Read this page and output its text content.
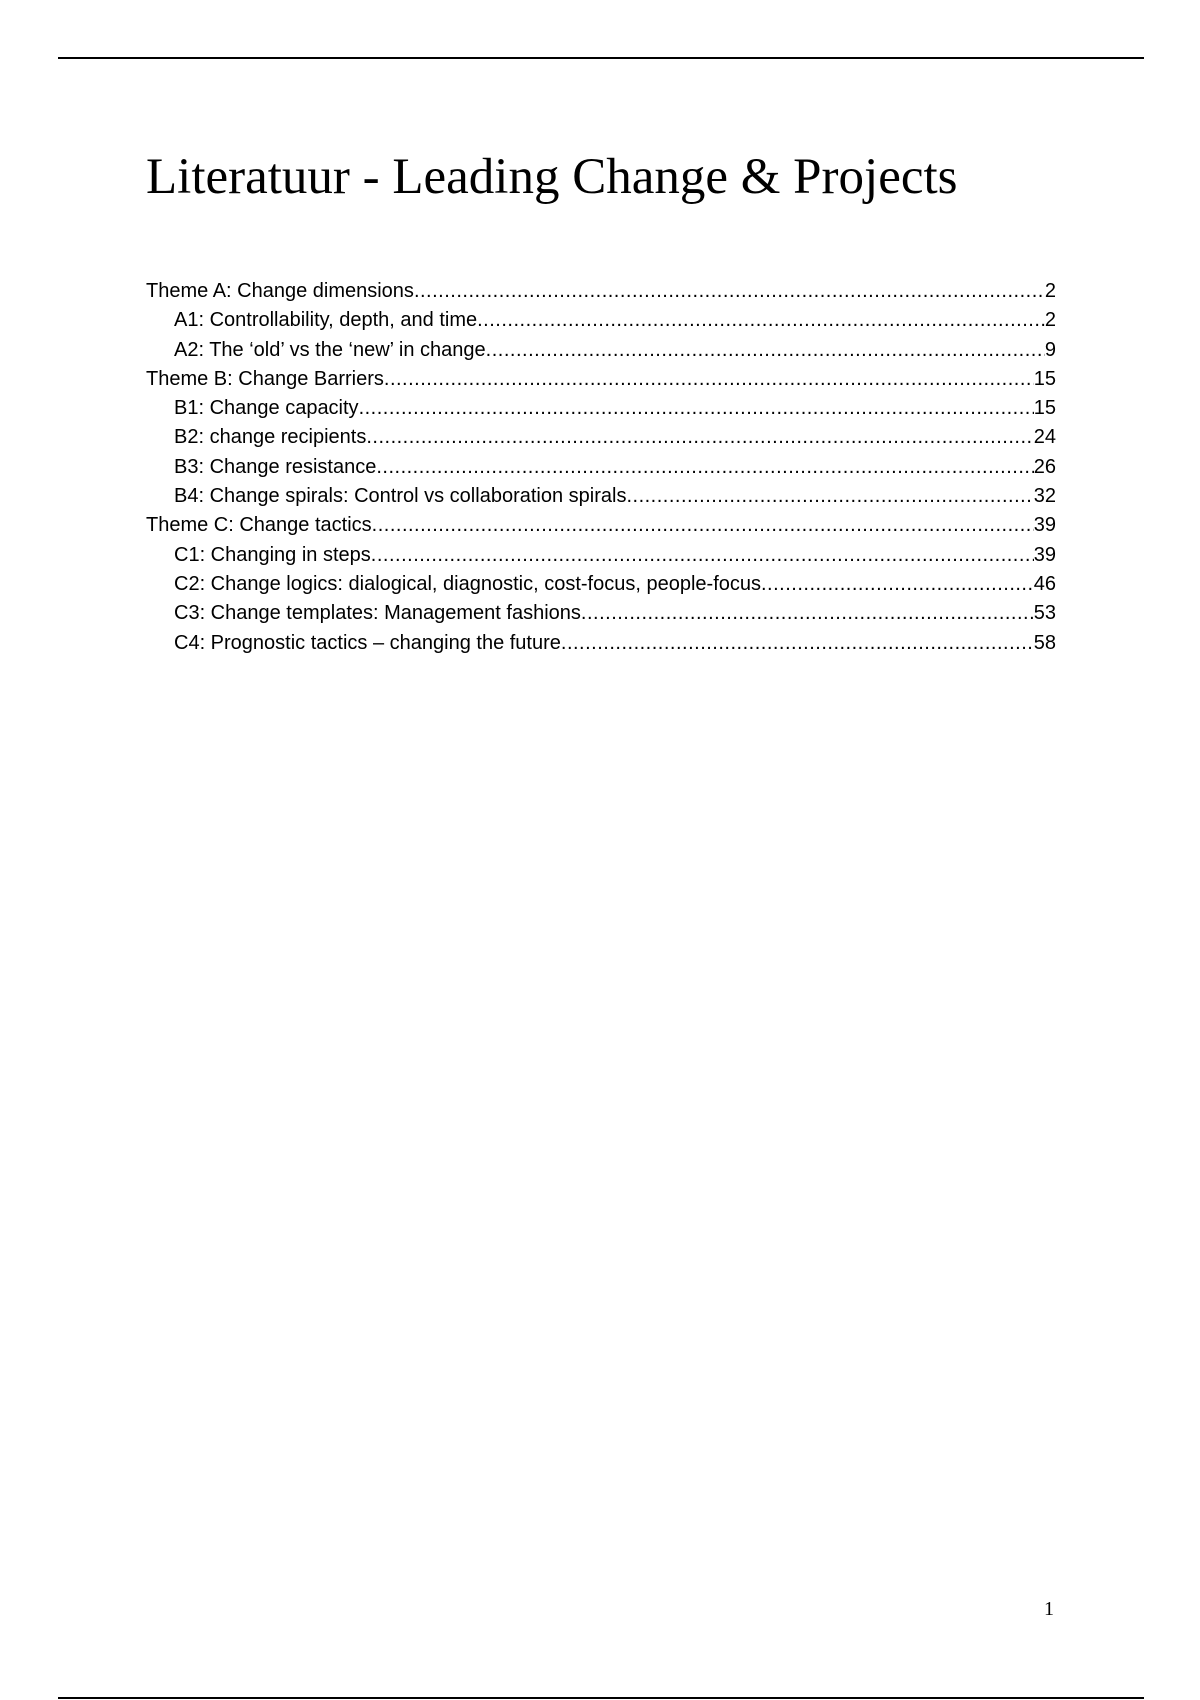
Literatuur - Leading Change & Projects
Theme A: Change dimensions .....	2
A1: Controllability, depth, and time .....	2
A2: The ‘old’ vs the ‘new’ in change .....	9
Theme B: Change Barriers .....	15
B1: Change capacity .....	15
B2: change recipients .....	24
B3: Change resistance .....	26
B4: Change spirals: Control vs collaboration spirals .....	32
Theme C: Change tactics .....	39
C1: Changing in steps .....	39
C2: Change logics: dialogical, diagnostic, cost-focus, people-focus .....	46
C3: Change templates: Management fashions .....	53
C4: Prognostic tactics – changing the future .....	58
1
